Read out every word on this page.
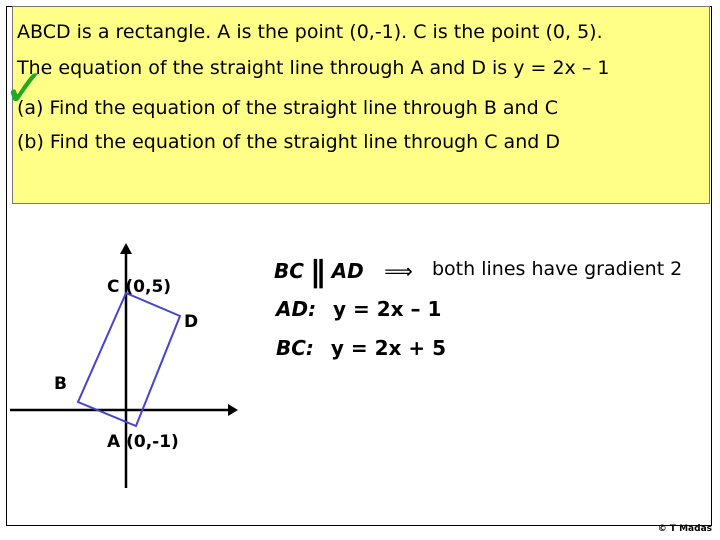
✓
ABCD is a rectangle. A is the point (0,-1). C is the point (0, 5).
The equation of the straight line through A and D is y = 2x – 1
(a) Find the equation of the straight line through B and C
(b) Find the equation of the straight line through C and D
C (0,5)
D
B
A (0,-1)
BC ∥ AD ⟹ both lines have gradient 2
AD: y = 2x – 1
BC: y = 2x + 5
© T Madas
